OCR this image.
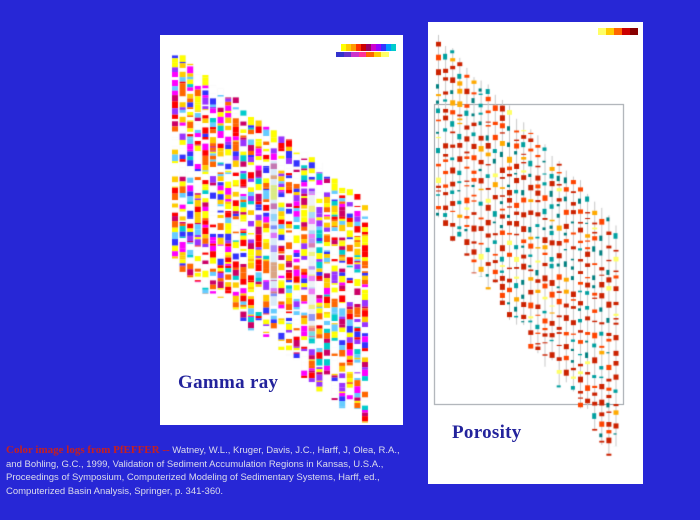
Gamma ray
Porosity
Color image logs from PfEFFER -- Watney, W.L., Kruger, Davis, J.C., Harff, J, Olea, R.A.,
and Bohling, G.C., 1999, Validation of Sediment Accumulation Regions in Kansas, U.S.A.,
Proceedings of Symposium, Computerized Modeling of Sedimentary Systems, Harff, ed.,
Computerized Basin Analysis, Springer, p. 341-360.
